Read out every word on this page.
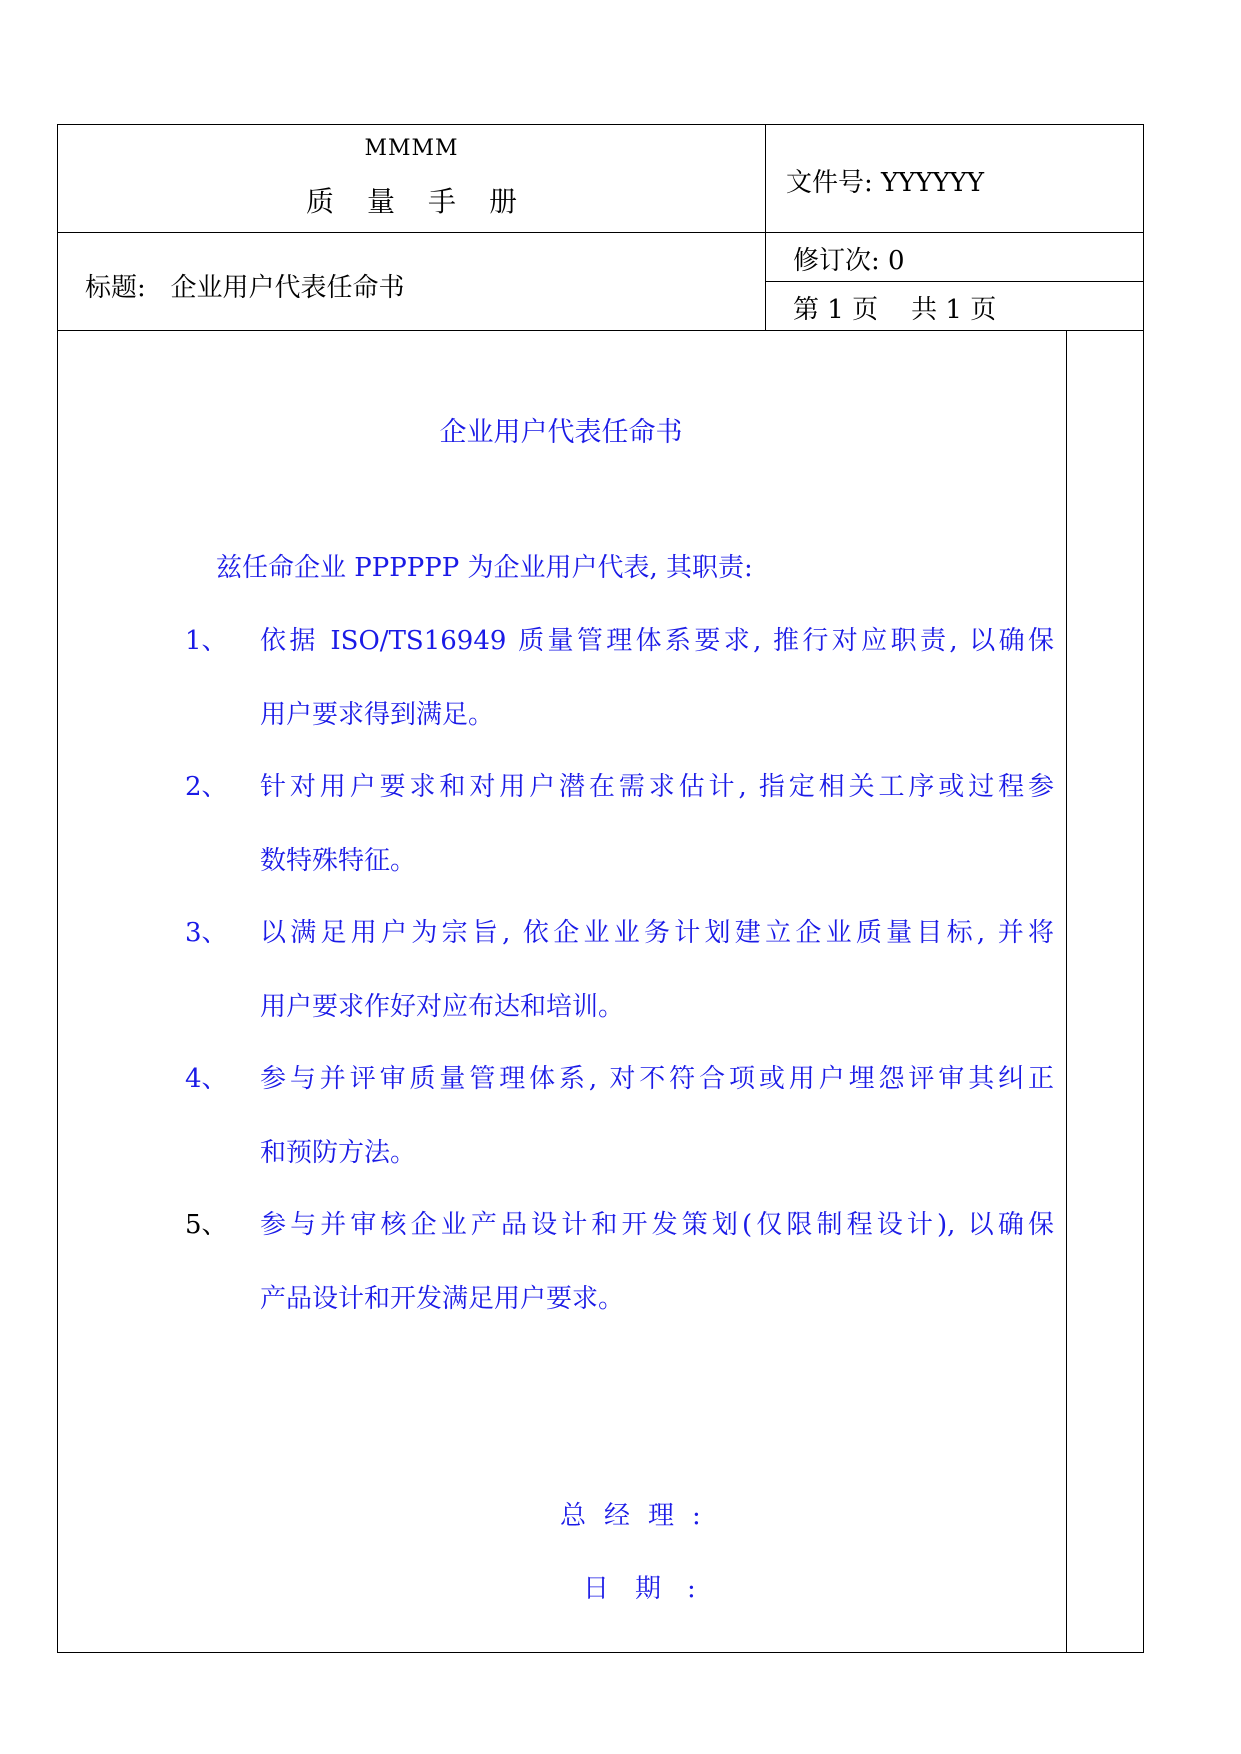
MMMM
质量手册
文件号: YYYYYY
标题:   企业用户代表任命书
修订次: 0
第 1 页    共 1 页
企业用户代表任命书
兹任命企业 PPPPPP 为企业用户代表, 其职责:
1、 依据 ISO/TS16949 质量管理体系要求, 推行对应职责, 以确保
用户要求得到满足。
2、 针对用户要求和对用户潜在需求估计, 指定相关工序或过程参
数特殊特征。
3、 以满足用户为宗旨, 依企业业务计划建立企业质量目标, 并将
用户要求作好对应布达和培训。
4、 参与并评审质量管理体系, 对不符合项或用户埋怨评审其纠正
和预防方法。
5、 参与并审核企业产品设计和开发策划(仅限制程设计), 以确保
产品设计和开发满足用户要求。
总经理:
日期:
